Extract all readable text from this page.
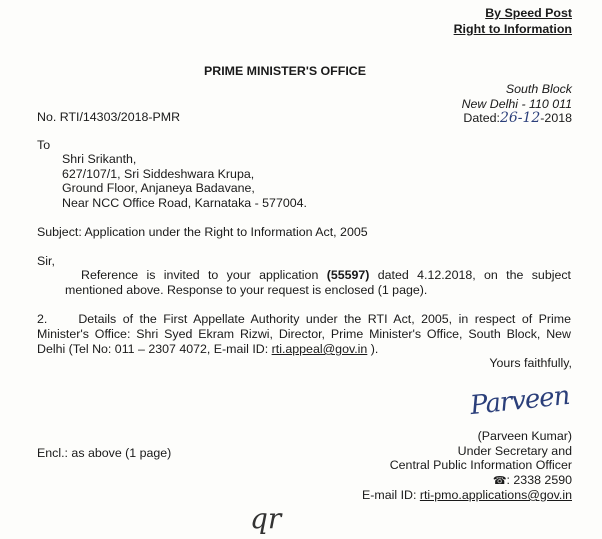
By Speed Post
Right to Information
PRIME MINISTER'S OFFICE
South Block
New Delhi - 110 011
Dated:26-12-2018
No. RTI/14303/2018-PMR
To
Shri Srikanth,
627/107/1, Sri Siddeshwara Krupa,
Ground Floor, Anjaneya Badavane,
Near NCC Office Road, Karnataka - 577004.
Subject: Application under the Right to Information Act, 2005
Sir,
Reference is invited to your application (55597) dated 4.12.2018, on the subject
mentioned above. Response to your request is enclosed (1 page).
2.	Details of the First Appellate Authority under the RTI Act, 2005, in respect of Prime
Minister's Office: Shri Syed Ekram Rizwi, Director, Prime Minister's Office, South Block, New
Delhi (Tel No: 011 – 2307 4072, E-mail ID: rti.appeal@gov.in ).
Yours faithfully,
Parveen
(Parveen Kumar)
Under Secretary and
Central Public Information Officer
☎: 2338 2590
E-mail ID: rti-pmo.applications@gov.in
Encl.: as above (1 page)
qr
